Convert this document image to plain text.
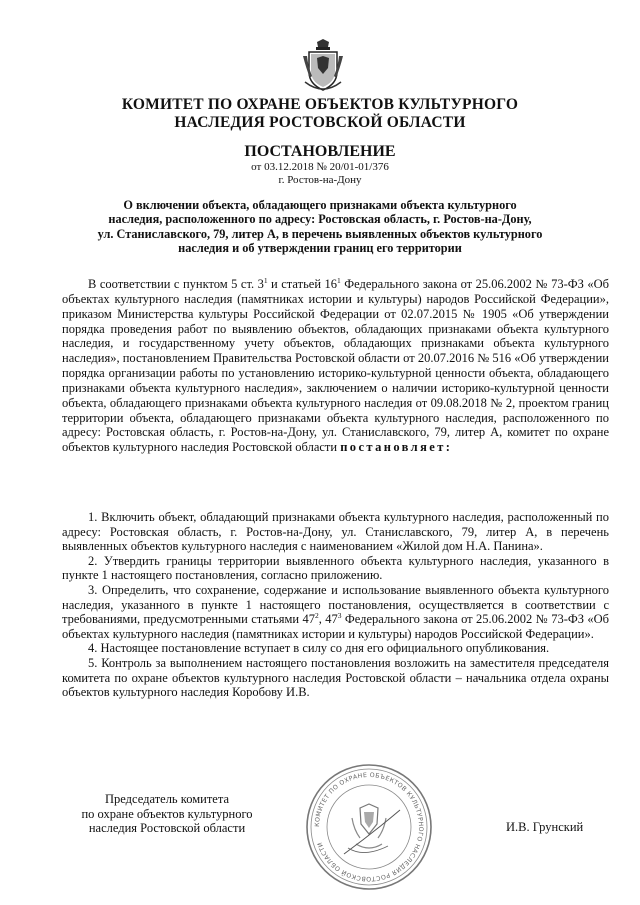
КОМИТЕТ ПО ОХРАНЕ ОБЪЕКТОВ КУЛЬТУРНОГО
НАСЛЕДИЯ РОСТОВСКОЙ ОБЛАСТИ
ПОСТАНОВЛЕНИЕ
от 03.12.2018 № 20/01-01/376
г. Ростов-на-Дону
О включении объекта, обладающего признаками объекта культурного
наследия, расположенного по адресу: Ростовская область, г. Ростов-на-Дону,
ул. Станиславского, 79, литер А, в перечень выявленных объектов культурного
наследия и об утверждении границ его территории
В соответствии с пунктом 5 ст. $3^1$ и статьей $16^1$ Федерального закона от 25.06.2002 № 73-ФЗ «Об объектах культурного наследия (памятниках истории и культуры) народов Российской Федерации», приказом Министерства культуры Российской Федерации от 02.07.2015 № 1905 «Об утверждении порядка проведения работ по выявлению объектов, обладающих признаками объекта культурного наследия, и государственному учету объектов, обладающих признаками объекта культурного наследия», постановлением Правительства Ростовской области от 20.07.2016 № 516 «Об утверждении порядка организации работы по установлению историко-культурной ценности объекта, обладающего признаками объекта культурного наследия», заключением о наличии историко-культурной ценности объекта, обладающего признаками объекта культурного наследия от 09.08.2018 № 2, проектом границ территории объекта, обладающего признаками объекта культурного наследия, расположенного по адресу: Ростовская область, г. Ростов-на-Дону, ул. Станиславского, 79, литер А, комитет по охране объектов культурного наследия Ростовской области постановляет:

1. Включить объект, обладающий признаками объекта культурного наследия, расположенный по адресу: Ростовская область, г. Ростов-на-Дону, ул. Станиславского, 79, литер А, в перечень выявленных объектов культурного наследия с наименованием «Жилой дом Н.А. Панина».

2. Утвердить границы территории выявленного объекта культурного наследия, указанного в пункте 1 настоящего постановления, согласно приложению.

3. Определить, что сохранение, содержание и использование выявленного объекта культурного наследия, указанного в пункте 1 настоящего постановления, осуществляется в соответствии с требованиями, предусмотренными статьями $47^2$, $47^3$ Федерального закона от 25.06.2002 № 73-ФЗ «Об объектах культурного наследия (памятниках истории и культуры) народов Российской Федерации».

4. Настоящее постановление вступает в силу со дня его официального опубликования.

5. Контроль за выполнением настоящего постановления возложить на заместителя председателя комитета по охране объектов культурного наследия Ростовской области – начальника отдела охраны объектов культурного наследия Коробову И.В.

Председатель комитета
по охране объектов культурного
наследия Ростовской области	КОМИТЕТ ПО ОХРАНЕ ОБЪЕКТОВ КУЛЬТУРНОГО НАСЛЕДИЯ РОСТОВСКОЙ ОБЛАСТИ
И.В. Грунский
